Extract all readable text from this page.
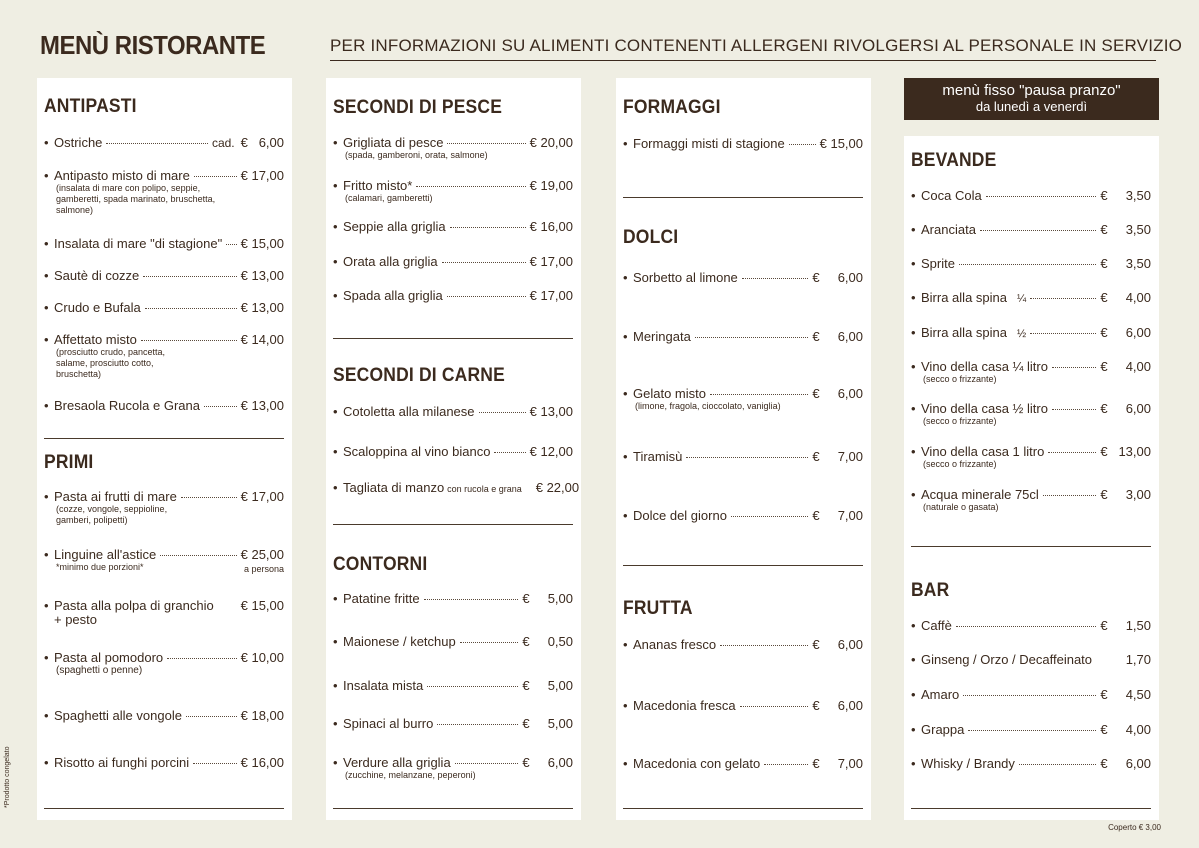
MENÙ RISTORANTE	PER INFORMAZIONI SU ALIMENTI CONTENENTI ALLERGENI RIVOLGERSI AL PERSONALE IN SERVIZIO
menù fisso "pausa pranzo"
da lunedì a venerdì
ANTIPASTI
• Ostriche	cad. €   6,00
• Antipasto misto di mare	€ 17,00
(insalata di mare con polipo, seppie, gamberetti, spada marinato, bruschetta, salmone)
• Insalata di mare "di stagione" € 15,00
• Sautè di cozze	€ 13,00
• Crudo e Bufala	€ 13,00
• Affettato misto	€ 14,00
(prosciutto crudo, pancetta, salame, prosciutto cotto, bruschetta)
• Bresaola Rucola e Grana	€ 13,00
PRIMI
• Pasta ai frutti di mare	€ 17,00
(cozze, vongole, seppioline, gamberi, polipetti)
• Linguine all'astice	€ 25,00
*minimo due porzioni*	a persona
• Pasta alla polpa di granchio € 15,00
+ pesto
• Pasta al pomodoro	€ 10,00
(spaghetti o penne)
• Spaghetti alle vongole	€ 18,00
• Risotto ai funghi porcini	€ 16,00
SECONDI DI PESCE
• Grigliata di pesce	€ 20,00
(spada, gamberoni, orata, salmone)
• Fritto misto*	€ 19,00
(calamari, gamberetti)
• Seppie alla griglia	€ 16,00
• Orata alla griglia	€ 17,00
• Spada alla griglia	€ 17,00
SECONDI DI CARNE
• Cotoletta alla milanese	€ 13,00
• Scaloppina al vino bianco	€ 12,00
• Tagliata di manzo con rucola e grana € 22,00
CONTORNI
• Patatine fritte	€     5,00
• Maionese / ketchup	€     0,50
• Insalata mista	€     5,00
• Spinaci al burro	€     5,00
• Verdure alla griglia	€     6,00
(zucchine, melanzane, peperoni)
FORMAGGI
• Formaggi misti di stagione	€ 15,00
DOLCI
• Sorbetto al limone	€     6,00
• Meringata	€     6,00
• Gelato misto	€     6,00
(limone, fragola, cioccolato, vaniglia)
• Tiramisù	€     7,00
• Dolce del giorno	€     7,00
FRUTTA
• Ananas fresco	€     6,00
• Macedonia fresca	€     6,00
• Macedonia con gelato	€     7,00
BEVANDE
• Coca Cola	€     3,50
• Aranciata	€     3,50
• Sprite	€     3,50
• Birra alla spina ¼	€     4,00
• Birra alla spina ½	€     6,00
• Vino della casa ¼ litro	€     4,00
(secco o frizzante)
• Vino della casa ½ litro	€     6,00
(secco o frizzante)
• Vino della casa 1 litro	€   13,00
(secco o frizzante)
• Acqua minerale 75cl	€     3,00
(naturale o gasata)
BAR
• Caffè	€     1,50
• Ginseng / Orzo / Decaffeinato	1,70
• Amaro	€     4,50
• Grappa	€     4,00
• Whisky / Brandy	€     6,00
*Prodotto congelato
Coperto € 3,00
